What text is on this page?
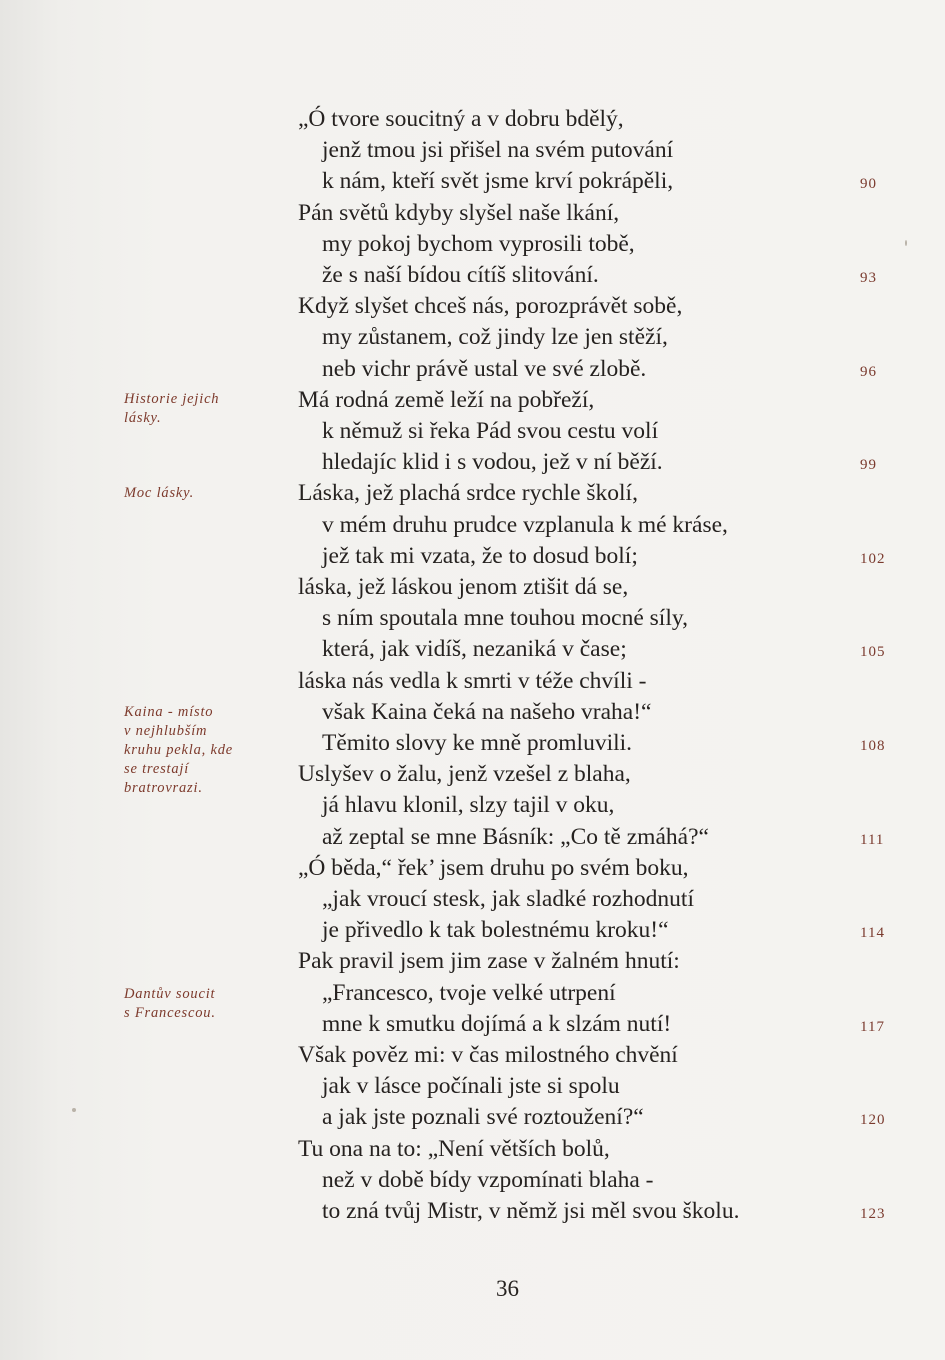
„Ó tvore soucitný a v dobru bdělý,
jenž tmou jsi přišel na svém putování
k nám, kteří svět jsme krví pokrápěli,	90
Pán světů kdyby slyšel naše lkání,
my pokoj bychom vyprosili tobě,
že s naší bídou cítíš slitování.	93
Když slyšet chceš nás, porozprávět sobě,
my zůstanem, což jindy lze jen stěží,
neb vichr právě ustal ve své zlobě.	96
Má rodná země leží na pobřeží,
k němuž si řeka Pád svou cestu volí
hledajíc klid i s vodou, jež v ní běží.	99
Láska, jež plachá srdce rychle školí,
v mém druhu prudce vzplanula k mé kráse,
jež tak mi vzata, že to dosud bolí;	102
láska, jež láskou jenom ztišit dá se,
s ním spoutala mne touhou mocné síly,
která, jak vidíš, nezaniká v čase;	105
láska nás vedla k smrti v téže chvíli -
však Kaina čeká na našeho vraha!“
Těmito slovy ke mně promluvili.	108
Uslyšev o žalu, jenž vzešel z blaha,
já hlavu klonil, slzy tajil v oku,
až zeptal se mne Básník: „Co tě zmáhá?“	111
„Ó běda,“ řek’ jsem druhu po svém boku,
„jak vroucí stesk, jak sladké rozhodnutí
je přivedlo k tak bolestnému kroku!“	114
Pak pravil jsem jim zase v žalném hnutí:
„Francesco, tvoje velké utrpení
mne k smutku dojímá a k slzám nutí!	117
Však pověz mi: v čas milostného chvění
jak v lásce počínali jste si spolu
a jak jste poznali své roztoužení?“	120
Tu ona na to: „Není větších bolů,
než v době bídy vzpomínati blaha -
to zná tvůj Mistr, v němž jsi měl svou školu.	123
Historie jejich
lásky.
Moc lásky.
Kaina - místo
v nejhlubším
kruhu pekla, kde
se trestají
bratrovrazi.
Dantův soucit
s Francescou.
36
